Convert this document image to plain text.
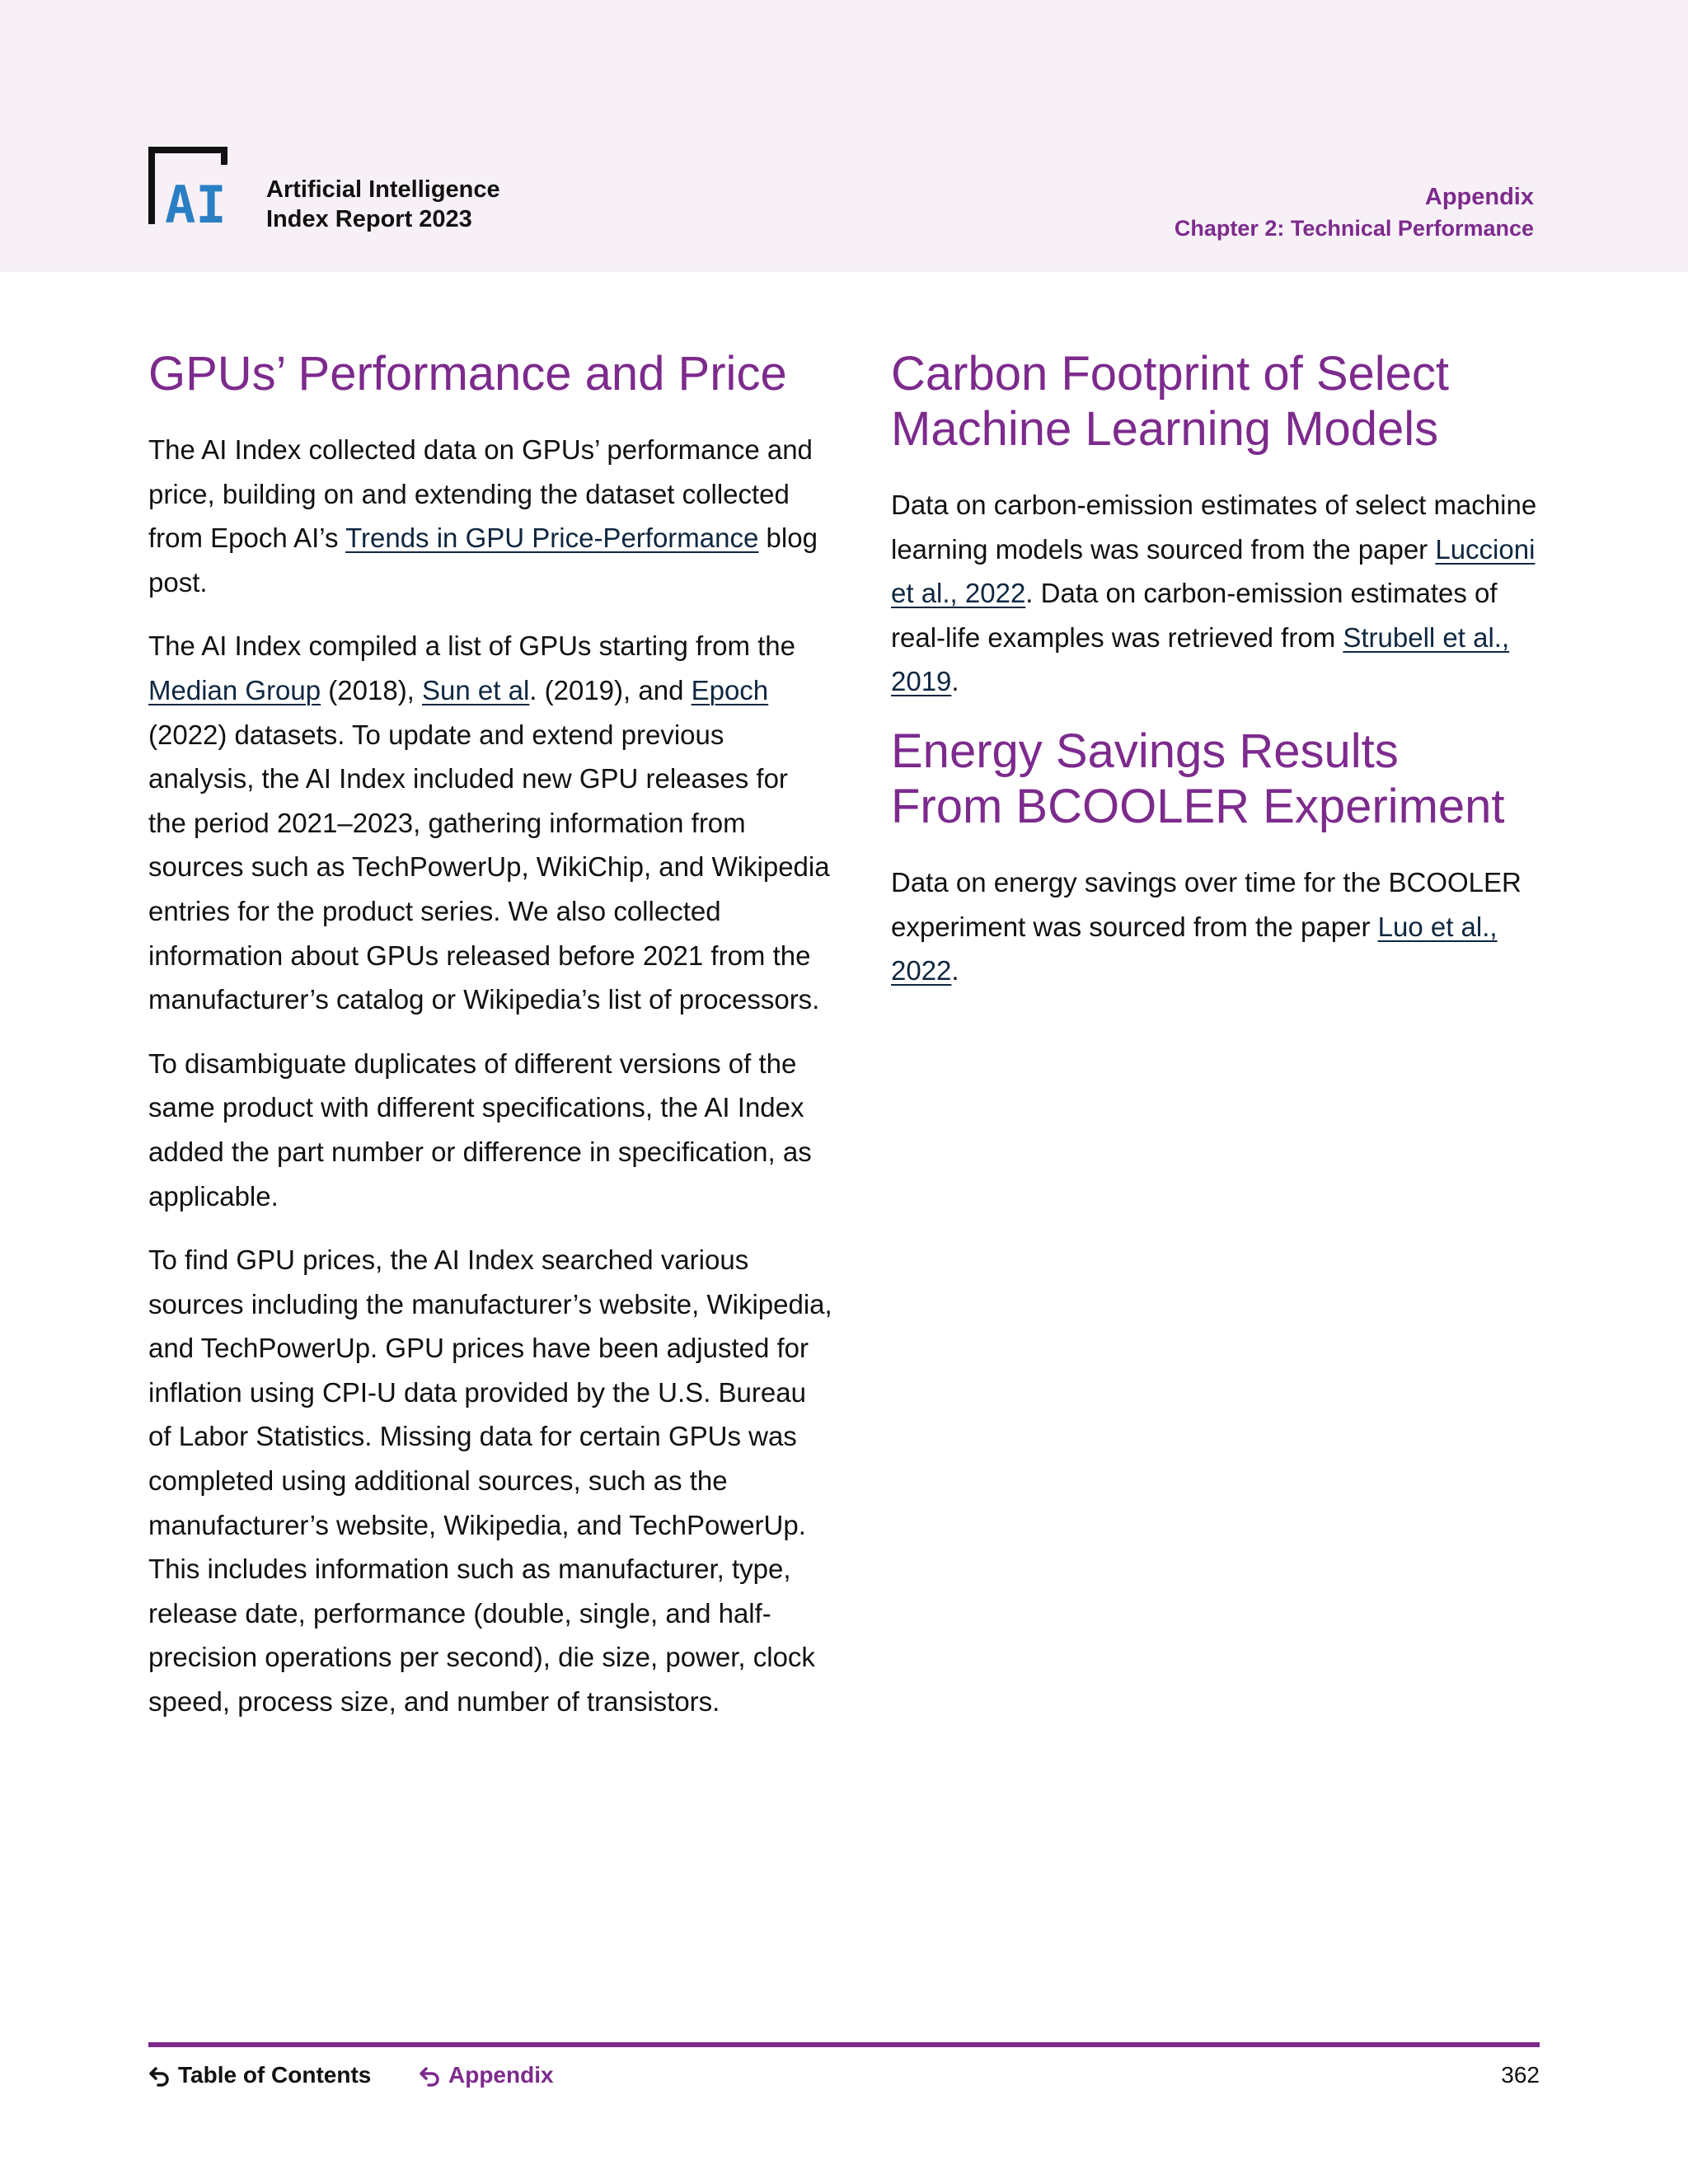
AI Artificial Intelligence
Index Report 2023
Appendix
Chapter 2: Technical Performance
GPUs’ Performance and Price

The AI Index collected data on GPUs’ performance and price, building on and extending the dataset collected from Epoch AI’s Trends in GPU Price-Performance blog post.

The AI Index compiled a list of GPUs starting from the Median Group (2018), Sun et al. (2019), and Epoch (2022) datasets. To update and extend previous analysis, the AI Index included new GPU releases for the period 2021–2023, gathering information from sources such as TechPowerUp, WikiChip, and Wikipedia entries for the product series. We also collected information about GPUs released before 2021 from the manufacturer’s catalog or Wikipedia’s list of processors.

To disambiguate duplicates of different versions of the same product with different specifications, the AI Index added the part number or difference in specification, as applicable.

To find GPU prices, the AI Index searched various sources including the manufacturer’s website, Wikipedia, and TechPowerUp. GPU prices have been adjusted for inflation using CPI-U data provided by the U.S. Bureau of Labor Statistics. Missing data for certain GPUs was completed using additional sources, such as the manufacturer’s website, Wikipedia, and TechPowerUp. This includes information such as manufacturer, type, release date, performance (double, single, and half-precision operations per second), die size, power, clock speed, process size, and number of transistors.

Carbon Footprint of Select
Machine Learning Models

Data on carbon-emission estimates of select machine learning models was sourced from the paper Luccioni et al., 2022. Data on carbon-emission estimates of real-life examples was retrieved from Strubell et al., 2019.

Energy Savings Results
From BCOOLER Experiment

Data on energy savings over time for the BCOOLER experiment was sourced from the paper Luo et al., 2022.

Table of Contents	Appendix	362
